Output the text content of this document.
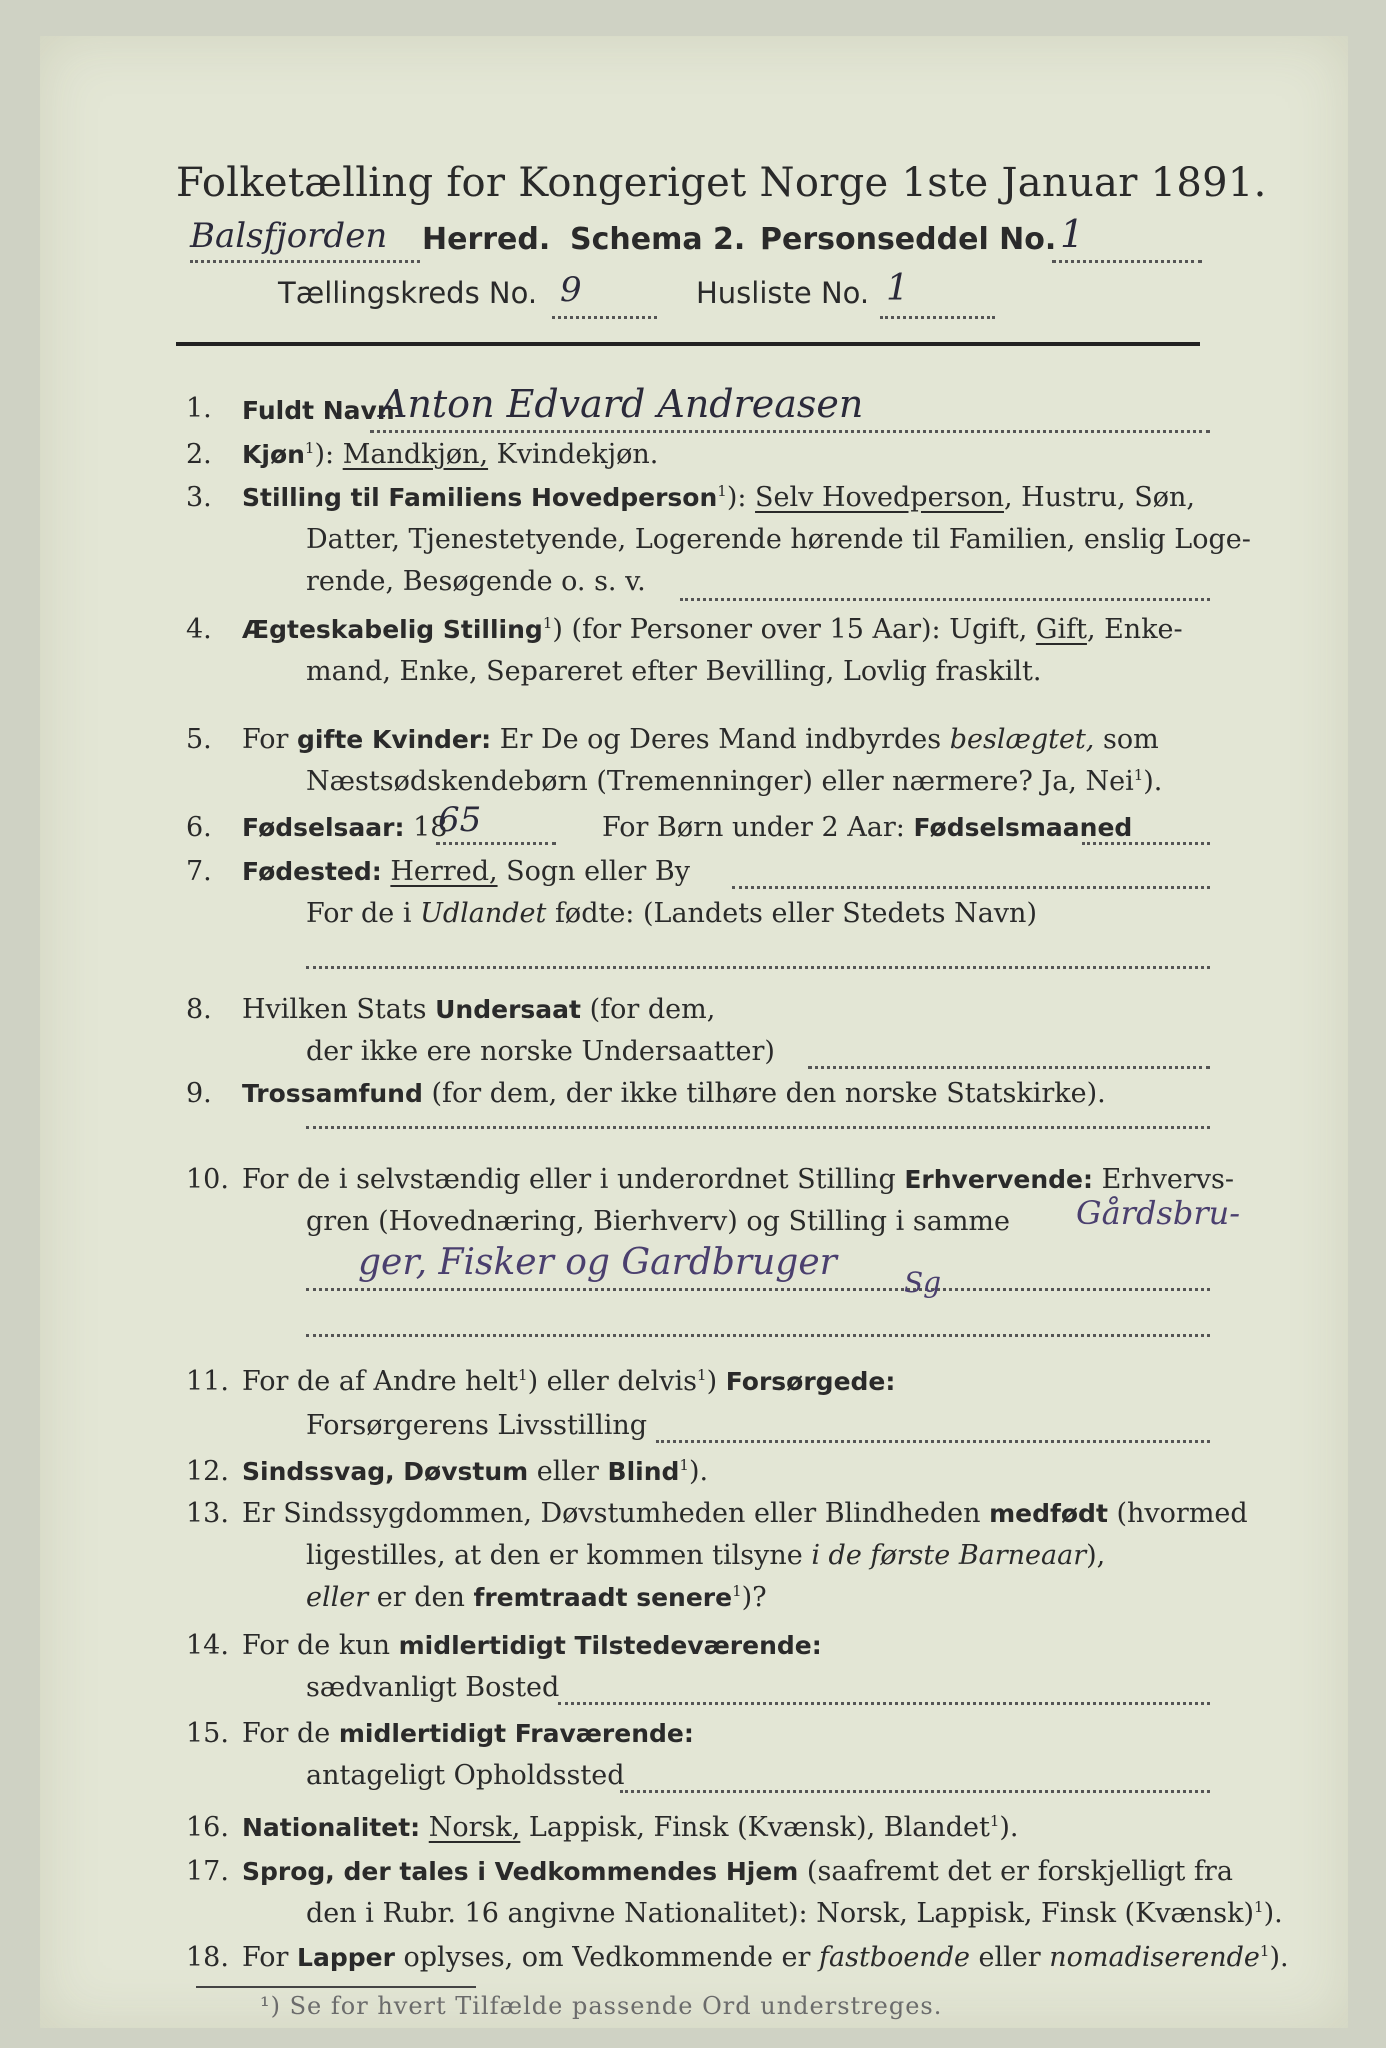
Folketælling for Kongeriget Norge 1ste Januar 1891.
Balsfjorden Herred. Schema 2. Personseddel No. 1
Tællingskreds No. 9	Husliste No. 1
1. Fuldt Navn
Anton Edvard Andreasen
2. Kjøn$^1$): Mandkjøn, Kvindekjøn.
3. Stilling til Familiens Hovedperson$^1$): Selv Hovedperson, Hustru, Søn,
Datter, Tjenestetyende, Logerende hørende til Familien, enslig Loge-
rende, Besøgende o. s. v.
4. Ægteskabelig Stilling$^1$) (for Personer over 15 Aar): Ugift, Gift, Enke-
mand, Enke, Separeret efter Bevilling, Lovlig fraskilt.
5. For gifte Kvinder: Er De og Deres Mand indbyrdes beslægtet, som
Næstsødskendebørn (Tremenninger) eller nærmere? Ja, Nei$^1$).
6. Fødselsaar: 18
65	For Børn under 2 Aar: Fødselsmaaned
7. Fødested: Herred, Sogn eller By
For de i Udlandet fødte: (Landets eller Stedets Navn)
8. Hvilken Stats Undersaat (for dem,
der ikke ere norske Undersaatter)
9. Trossamfund (for dem, der ikke tilhøre den norske Statskirke).
10. For de i selvstændig eller i underordnet Stilling Erhvervende: Erhvervs-
gren (Hovednæring, Bierhverv) og Stilling i samme Gårdsbru-
ger, Fisker og Gardbruger Sg
11. For de af Andre helt$^1$) eller delvis$^1$) Forsørgede:
Forsørgerens Livsstilling
12. Sindssvag, Døvstum eller Blind$^1$).
13. Er Sindssygdommen, Døvstumheden eller Blindheden medfødt (hvormed
ligestilles, at den er kommen tilsyne i de første Barneaar),
eller er den fremtraadt senere$^1$)?
14. For de kun midlertidigt Tilstedeværende:
sædvanligt Bosted
15. For de midlertidigt Fraværende:
antageligt Opholdssted
16. Nationalitet: Norsk, Lappisk, Finsk (Kvænsk), Blandet$^1$).
17. Sprog, der tales i Vedkommendes Hjem (saafremt det er forskjelligt fra
den i Rubr. 16 angivne Nationalitet): Norsk, Lappisk, Finsk (Kvænsk)$^1$).
18. For Lapper oplyses, om Vedkommende er fastboende eller nomadiserende$^1$).
¹) Se for hvert Tilfælde passende Ord understreges.
